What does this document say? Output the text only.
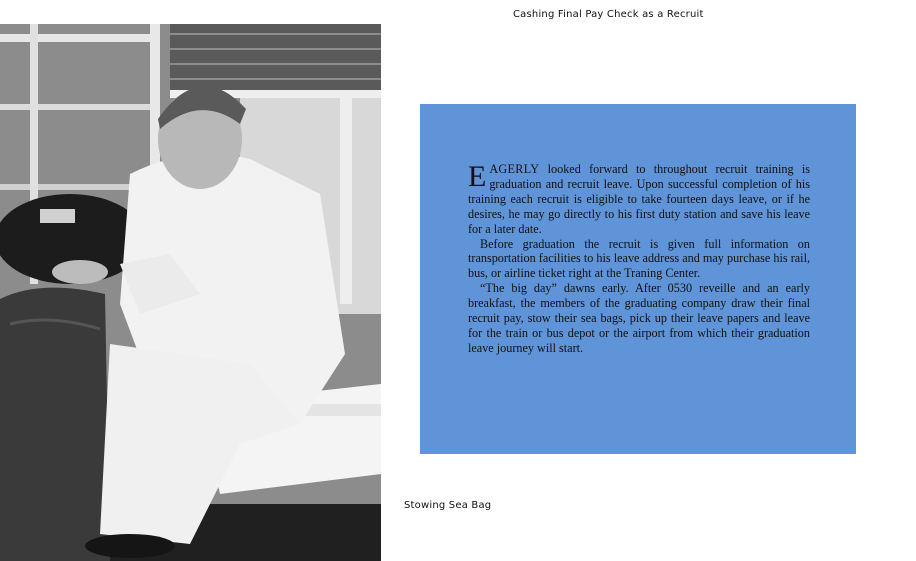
Cashing Final Pay Check as a Recruit

EAGERLY looked forward to throughout recruit training is graduation and recruit leave. Upon successful completion of his training each recruit is eligible to take fourteen days leave, or if he desires, he may go directly to his first duty station and save his leave for a later date.

Before graduation the recruit is given full information on transportation facilities to his leave address and may purchase his rail, bus, or airline ticket right at the Traning Center.

“The big day” dawns early. After 0530 reveille and an early breakfast, the members of the graduating company draw their final recruit pay, stow their sea bags, pick up their leave papers and leave for the train or bus depot or the airport from which their graduation leave journey will start.

Stowing Sea Bag
